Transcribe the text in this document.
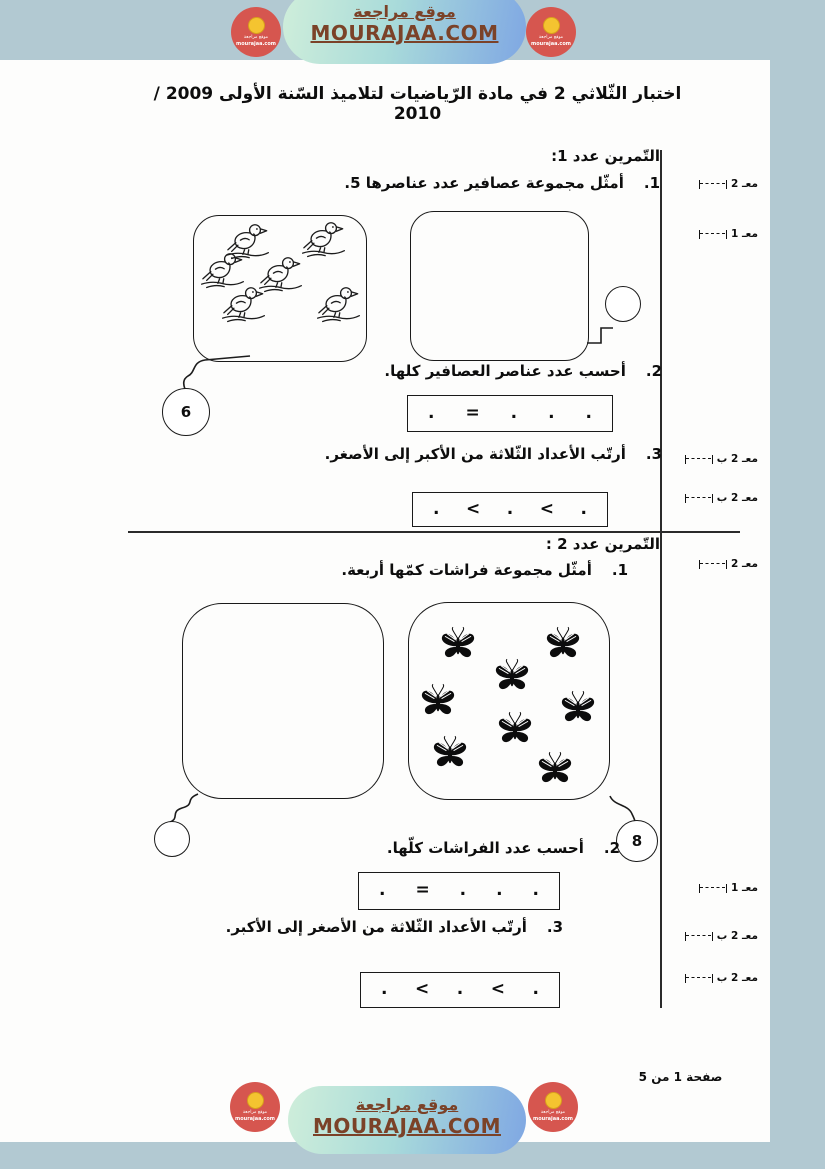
موقع مراجعة
MOURAJAA.COM
موقع مراجعة
mourajaa.com
موقع مراجعة
mourajaa.com
اختبار الثّلاثي 2 في مادة الرّياضيات لتلاميذ السّنة الأولى 2009 / 2010
التّمرين عدد 1:
1.
أمثّل مجموعة عصافير عدد عناصرها 5.
6
2.
أحسب عدد عناصر العصافير كلها.
. = . . .
3.
أرتّب الأعداد الثّلاثة من الأكبر إلى الأصغر.
. < . < .
التّمرين عدد 2 :
1.
أمثّل مجموعة فراشات كمّها أربعة.
8
2.
أحسب عدد الفراشات كلّها.
. = . . .
3.
أرتّب الأعداد الثّلاثة من الأصغر إلى الأكبر.
. < . < .
معـ 2
معـ 1
معـ 2 ب
معـ 2 ب
معـ 2
معـ 1
معـ 2 ب
معـ 2 ب
صفحة 1 من 5
موقع مراجعة
MOURAJAA.COM
موقع مراجعة
mourajaa.com
موقع مراجعة
mourajaa.com
